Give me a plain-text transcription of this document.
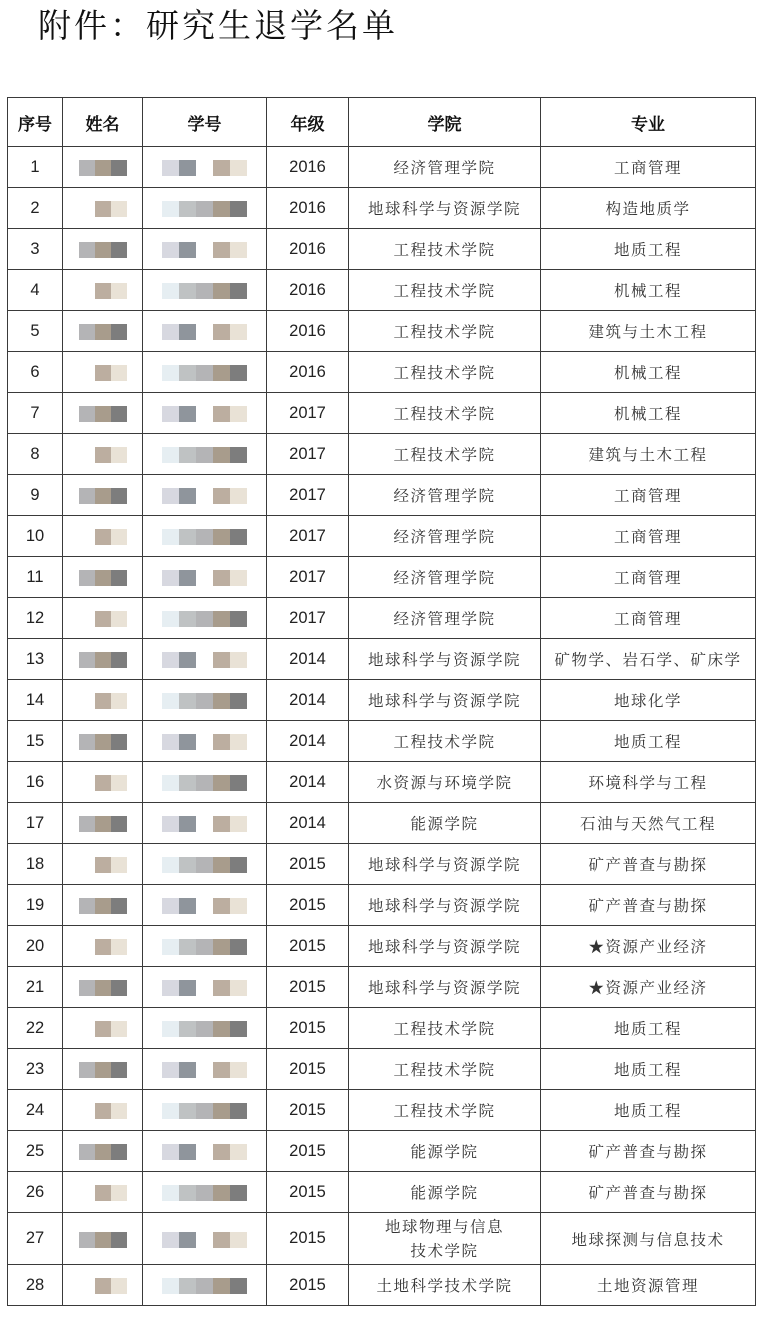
附件：研究生退学名单
序号	姓名	学号	年级	学院	专业
1			2016	经济管理学院	工商管理
2			2016	地球科学与资源学院	构造地质学
3			2016	工程技术学院	地质工程
4			2016	工程技术学院	机械工程
5			2016	工程技术学院	建筑与土木工程
6			2016	工程技术学院	机械工程
7			2017	工程技术学院	机械工程
8			2017	工程技术学院	建筑与土木工程
9			2017	经济管理学院	工商管理
10			2017	经济管理学院	工商管理
11			2017	经济管理学院	工商管理
12			2017	经济管理学院	工商管理
13			2014	地球科学与资源学院	矿物学、岩石学、矿床学
14			2014	地球科学与资源学院	地球化学
15			2014	工程技术学院	地质工程
16			2014	水资源与环境学院	环境科学与工程
17			2014	能源学院	石油与天然气工程
18			2015	地球科学与资源学院	矿产普查与勘探
19			2015	地球科学与资源学院	矿产普查与勘探
20			2015	地球科学与资源学院	★资源产业经济
21			2015	地球科学与资源学院	★资源产业经济
22			2015	工程技术学院	地质工程
23			2015	工程技术学院	地质工程
24			2015	工程技术学院	地质工程
25			2015	能源学院	矿产普查与勘探
26			2015	能源学院	矿产普查与勘探
27			2015	地球物理与信息技术学院	地球探测与信息技术
28			2015	土地科学技术学院	土地资源管理
